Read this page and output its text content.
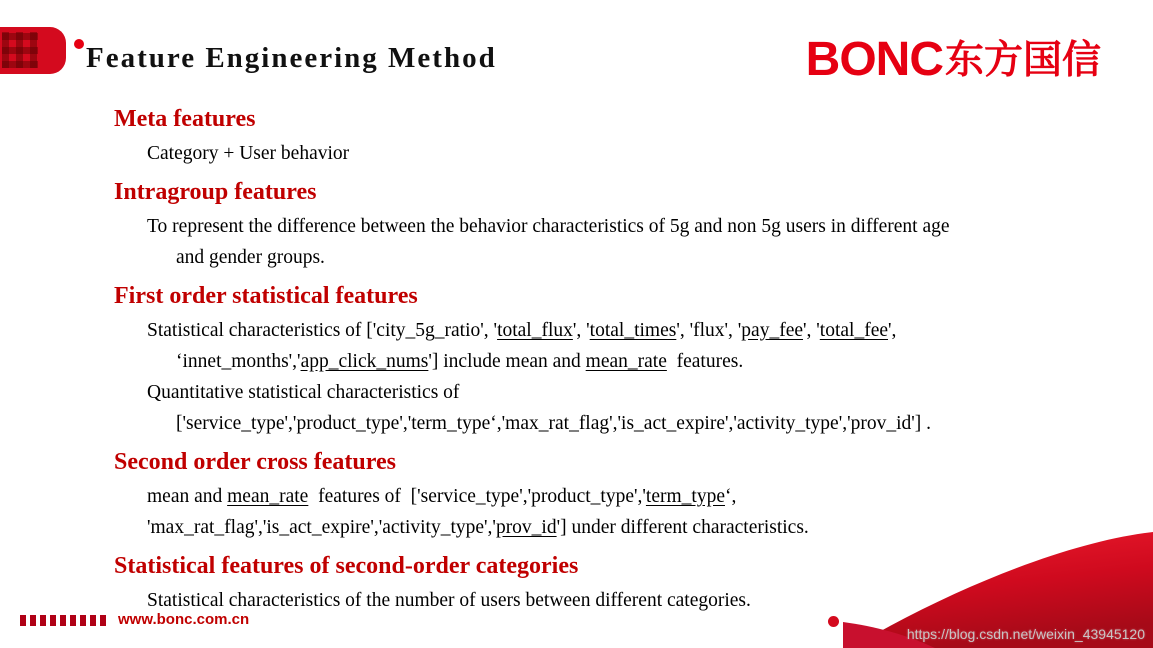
Feature Engineering Method	BONC 东方国信
Meta features

Category + User behavior

Intragroup features

To represent the difference between the behavior characteristics of 5g and non 5g users in different age

and gender groups.

First order statistical features

Statistical characteristics of ['city_5g_ratio', 'total_flux', 'total_times', 'flux', 'pay_fee', 'total_fee',

‘innet_months','app_click_nums'] include mean and mean_rate  features.

Quantitative statistical characteristics of

['service_type','product_type','term_type‘,'max_rat_flag','is_act_expire','activity_type','prov_id'] .

Second order cross features

mean and mean_rate  features of  ['service_type','product_type','term_type‘,

'max_rat_flag','is_act_expire','activity_type','prov_id'] under different characteristics.

Statistical features of second-order categories

Statistical characteristics of the number of users between different categories.

www.bonc.com.cn
https://blog.csdn.net/weixin_43945120
